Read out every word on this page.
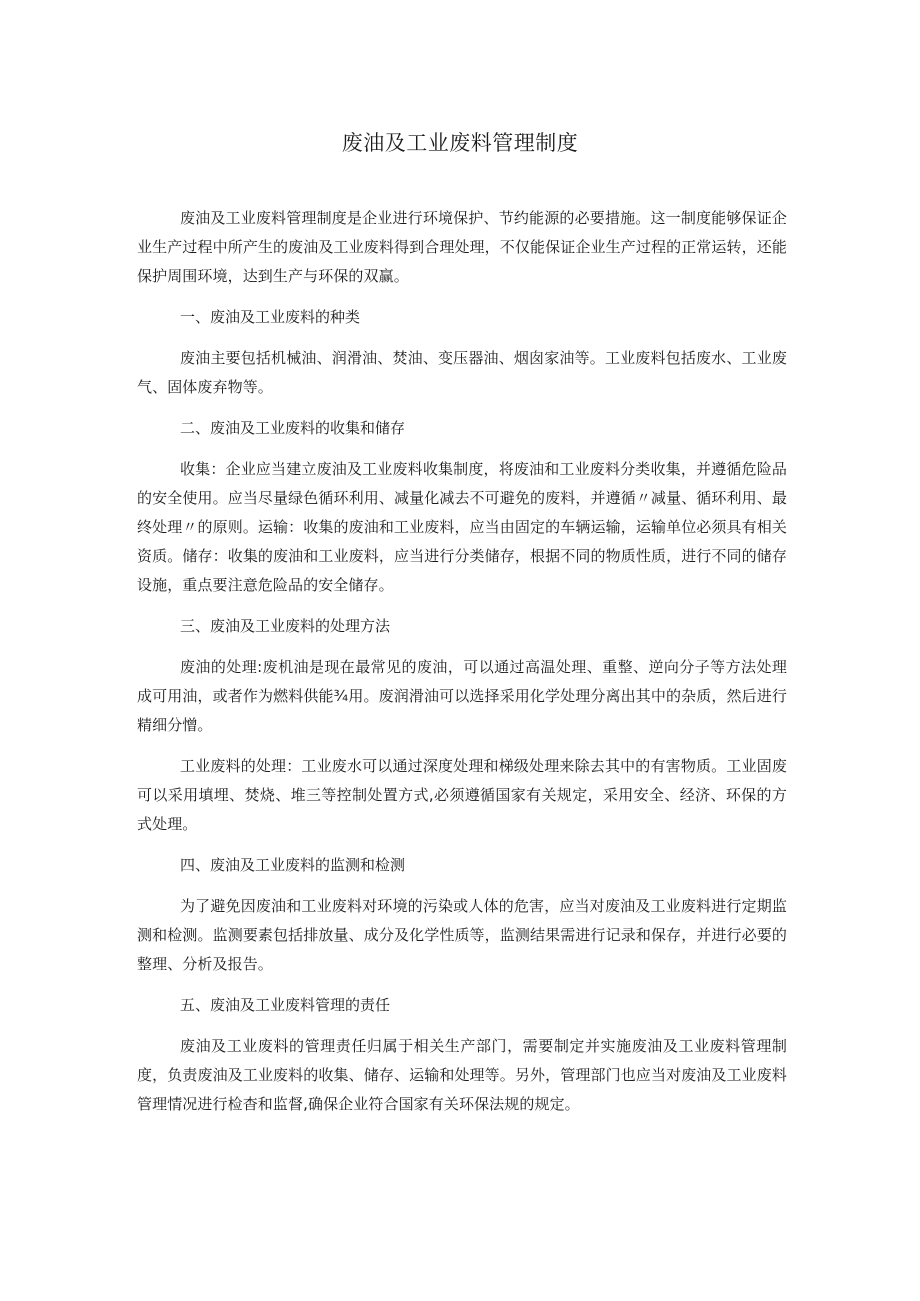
废油及工业废料管理制度

废油及工业废料管理制度是企业进行环境保护、节约能源的必要措施。这一制度能够保证企业生产过程中所产生的废油及工业废料得到合理处理，不仅能保证企业生产过程的正常运转，还能保护周围环境，达到生产与环保的双赢。

一、废油及工业废料的种类

废油主要包括机械油、润滑油、焚油、变压器油、烟囱家油等。工业废料包括废水、工业废气、固体废弃物等。

二、废油及工业废料的收集和储存

收集：企业应当建立废油及工业废料收集制度，将废油和工业废料分类收集，并遵循危险品的安全使用。应当尽量绿色循环利用、减量化减去不可避免的废料，并遵循〃减量、循环利用、最终处理〃的原则。运输：收集的废油和工业废料，应当由固定的车辆运输，运输单位必须具有相关资质。储存：收集的废油和工业废料，应当进行分类储存，根据不同的物质性质，进行不同的储存设施，重点要注意危险品的安全储存。

三、废油及工业废料的处理方法

废油的处理:废机油是现在最常见的废油，可以通过高温处理、重整、逆向分子等方法处理成可用油，或者作为燃料供能¾用。废润滑油可以选择采用化学处理分离出其中的杂质，然后进行精细分憎。

工业废料的处理：工业废水可以通过深度处理和梯级处理来除去其中的有害物质。工业固废可以采用填埋、焚烧、堆三等控制处置方式,必须遵循国家有关规定，采用安全、经济、环保的方式处理。

四、废油及工业废料的监测和检测

为了避免因废油和工业废料对环境的污染或人体的危害，应当对废油及工业废料进行定期监测和检测。监测要素包括排放量、成分及化学性质等，监测结果需进行记录和保存，并进行必要的整理、分析及报告。

五、废油及工业废料管理的责任

废油及工业废料的管理责任归属于相关生产部门，需要制定并实施废油及工业废料管理制度，负责废油及工业废料的收集、储存、运输和处理等。另外，管理部门也应当对废油及工业废料管理情况进行检杳和监督,确保企业符合国家有关环保法规的规定。
